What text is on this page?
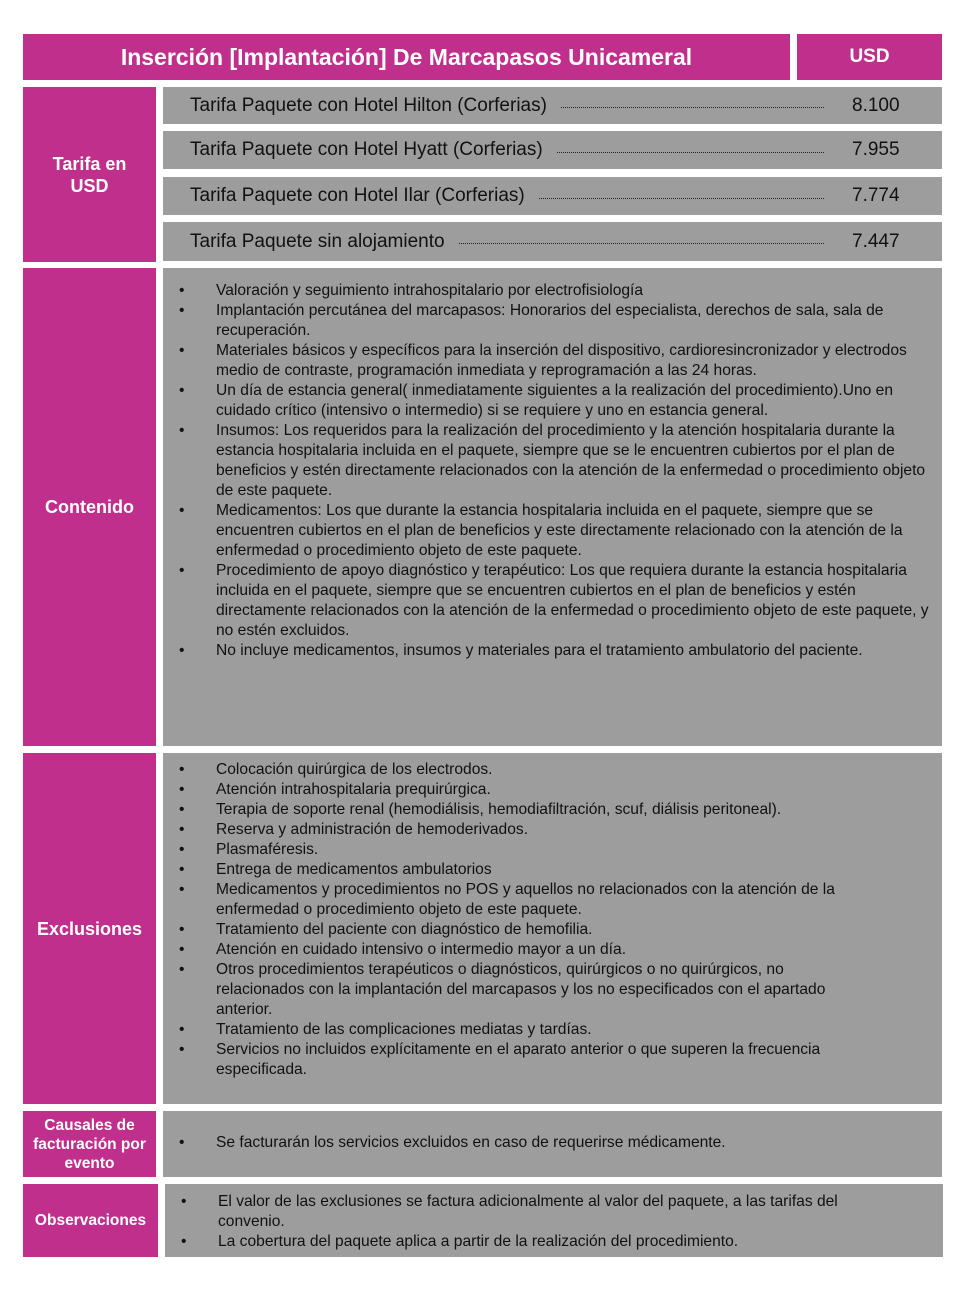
Inserción [Implantación] De Marcapasos Unicameral	USD
Tarifa en USD
Tarifa Paquete con Hotel Hilton (Corferias)	8.100
Tarifa Paquete con Hotel Hyatt (Corferias)	7.955
Tarifa Paquete con Hotel Ilar (Corferias)	7.774
Tarifa Paquete sin alojamiento	7.447
Contenido
• Valoración y seguimiento intrahospitalario por electrofisiología
• Implantación percutánea del marcapasos: Honorarios del especialista, derechos de sala, sala de recuperación.
• Materiales básicos y específicos para la inserción del dispositivo, cardioresincronizador y electrodos medio de contraste, programación inmediata y reprogramación a las 24 horas.
• Un día de estancia general( inmediatamente siguientes a la realización del procedimiento).Uno en cuidado crítico (intensivo o intermedio) si se requiere y uno en estancia general.
• Insumos: Los requeridos para la realización del procedimiento y la atención hospitalaria durante la estancia hospitalaria incluida en el paquete, siempre que se le encuentren cubiertos por el plan de beneficios y estén directamente relacionados con la atención de la enfermedad o procedimiento objeto de este paquete.
• Medicamentos: Los que durante la estancia hospitalaria incluida en el paquete, siempre que se encuentren cubiertos en el plan de beneficios y este directamente relacionado con la atención de la enfermedad o procedimiento objeto de este paquete.
• Procedimiento de apoyo diagnóstico y terapéutico: Los que requiera durante la estancia hospitalaria incluida en el paquete, siempre que se encuentren cubiertos en el plan de beneficios y estén directamente relacionados con la atención de la enfermedad o procedimiento objeto de este paquete, y no estén excluidos.
• No incluye medicamentos, insumos y materiales para el tratamiento ambulatorio del paciente.
Exclusiones
• Colocación quirúrgica de los electrodos.
• Atención intrahospitalaria prequirúrgica.
• Terapia de soporte renal (hemodiálisis, hemodiafiltración, scuf, diálisis peritoneal).
• Reserva y administración de hemoderivados.
• Plasmaféresis.
• Entrega de medicamentos ambulatorios
• Medicamentos y procedimientos no POS y aquellos no relacionados con la atención de la enfermedad o procedimiento objeto de este paquete.
• Tratamiento del paciente con diagnóstico de hemofilia.
• Atención en cuidado intensivo o intermedio mayor a un día.
• Otros procedimientos terapéuticos o diagnósticos, quirúrgicos o no quirúrgicos, no relacionados con la implantación del marcapasos y los no especificados con el apartado anterior.
• Tratamiento de las complicaciones mediatas y tardías.
• Servicios no incluidos explícitamente en el aparato anterior o que superen la frecuencia especificada.
Causales de facturación por evento
• Se facturarán los servicios excluidos en caso de requerirse médicamente.
Observaciones
• El valor de las exclusiones se factura adicionalmente al valor del paquete, a las tarifas del convenio.
• La cobertura del paquete aplica a partir de la realización del procedimiento.
